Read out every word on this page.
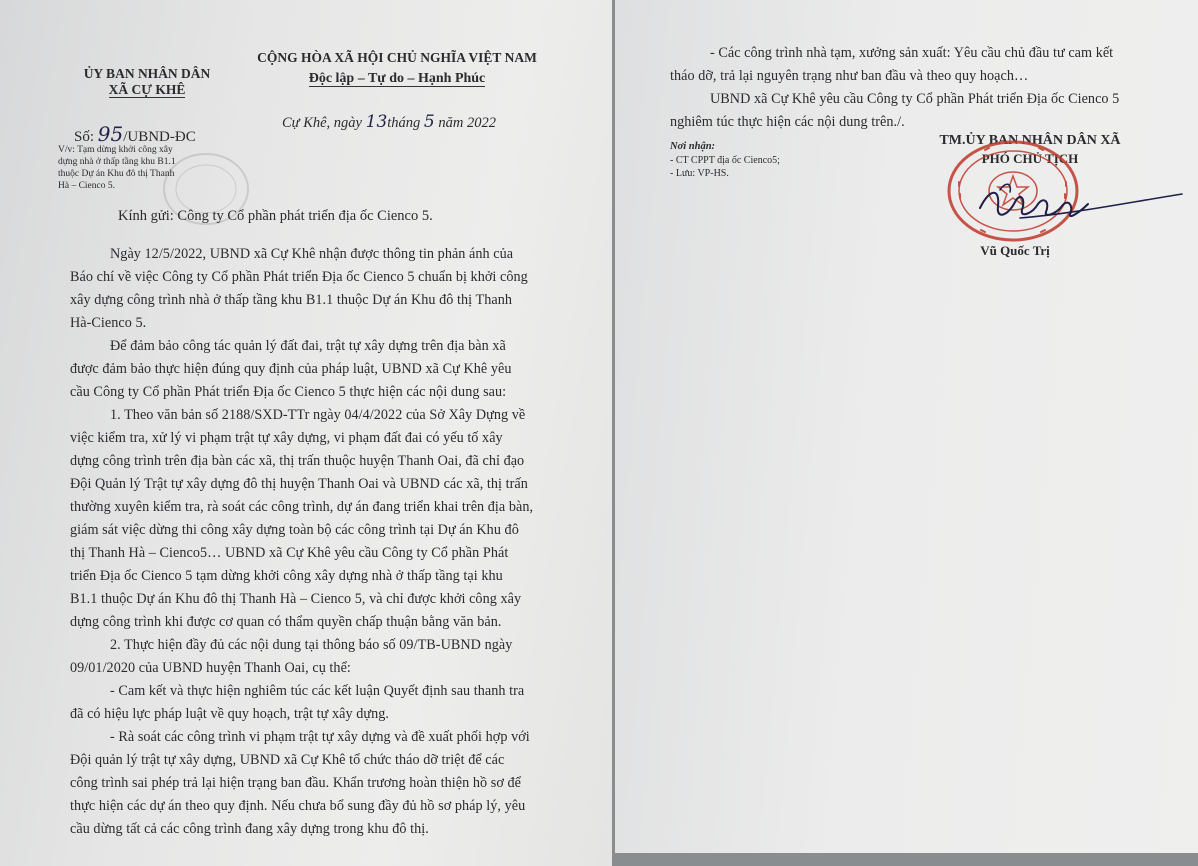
ỦY BAN NHÂN DÂN
XÃ CỰ KHÊ
CỘNG HÒA XÃ HỘI CHỦ NGHĨA VIỆT NAM
Độc lập – Tự do – Hạnh Phúc
Số: 95/UBND-ĐC
Cự Khê, ngày 13tháng 5 năm 2022
V/v: Tạm dừng khởi công xây
dựng nhà ở thấp tầng khu B1.1
thuộc Dự án Khu đô thị Thanh
Hà – Cienco 5.
Kính gửi: Công ty Cổ phần phát triển địa ốc Cienco 5.
Ngày 12/5/2022, UBND xã Cự Khê nhận được thông tin phản ánh của
Báo chí về việc Công ty Cổ phần Phát triển Địa ốc Cienco 5 chuẩn bị khởi công
xây dựng công trình nhà ở thấp tầng khu B1.1 thuộc Dự án Khu đô thị Thanh
Hà-Cienco 5.
Để đảm bảo công tác quản lý đất đai, trật tự xây dựng trên địa bàn xã
được đảm bảo thực hiện đúng quy định của pháp luật, UBND xã Cự Khê yêu
cầu Công ty Cổ phần Phát triển Địa ốc Cienco 5 thực hiện các nội dung sau:
1. Theo văn bản số 2188/SXD-TTr ngày 04/4/2022 của Sở Xây Dựng về
việc kiểm tra, xử lý vi phạm trật tự xây dựng, vi phạm đất đai có yếu tố xây
dựng công trình trên địa bàn các xã, thị trấn thuộc huyện Thanh Oai, đã chỉ đạo
Đội Quản lý Trật tự xây dựng đô thị huyện Thanh Oai và UBND các xã, thị trấn
thường xuyên kiểm tra, rà soát các công trình, dự án đang triển khai trên địa bàn,
giám sát việc dừng thi công xây dựng toàn bộ các công trình tại Dự án Khu đô
thị Thanh Hà – Cienco5… UBND xã Cự Khê yêu cầu Công ty Cổ phần Phát
triển Địa ốc Cienco 5 tạm dừng khởi công xây dựng nhà ở thấp tầng tại khu
B1.1 thuộc Dự án Khu đô thị Thanh Hà – Cienco 5, và chỉ được khởi công xây
dựng công trình khi được cơ quan có thẩm quyền chấp thuận bằng văn bản.
2. Thực hiện đầy đủ các nội dung tại thông báo số 09/TB-UBND ngày
09/01/2020 của UBND huyện Thanh Oai, cụ thể:
- Cam kết và thực hiện nghiêm túc các kết luận Quyết định sau thanh tra
đã có hiệu lực pháp luật về quy hoạch, trật tự xây dựng.
- Rà soát các công trình vi phạm trật tự xây dựng và đề xuất phối hợp với
Đội quản lý trật tự xây dựng, UBND xã Cự Khê tổ chức tháo dỡ triệt để các
công trình sai phép trả lại hiện trạng ban đầu. Khẩn trương hoàn thiện hồ sơ để
thực hiện các dự án theo quy định. Nếu chưa bổ sung đầy đủ hồ sơ pháp lý, yêu
cầu dừng tất cả các công trình đang xây dựng trong khu đô thị.
- Các công trình nhà tạm, xưởng sản xuất: Yêu cầu chủ đầu tư cam kết
tháo dỡ, trả lại nguyên trạng như ban đầu và theo quy hoạch…
UBND xã Cự Khê yêu cầu Công ty Cổ phần Phát triển Địa ốc Cienco 5
nghiêm túc thực hiện các nội dung trên./.
Nơi nhận:
- CT CPPT địa ốc Cienco5;
- Lưu: VP-HS.
TM.ỦY BAN NHÂN DÂN XÃ
PHÓ CHỦ TỊCH
Vũ Quốc Trị
